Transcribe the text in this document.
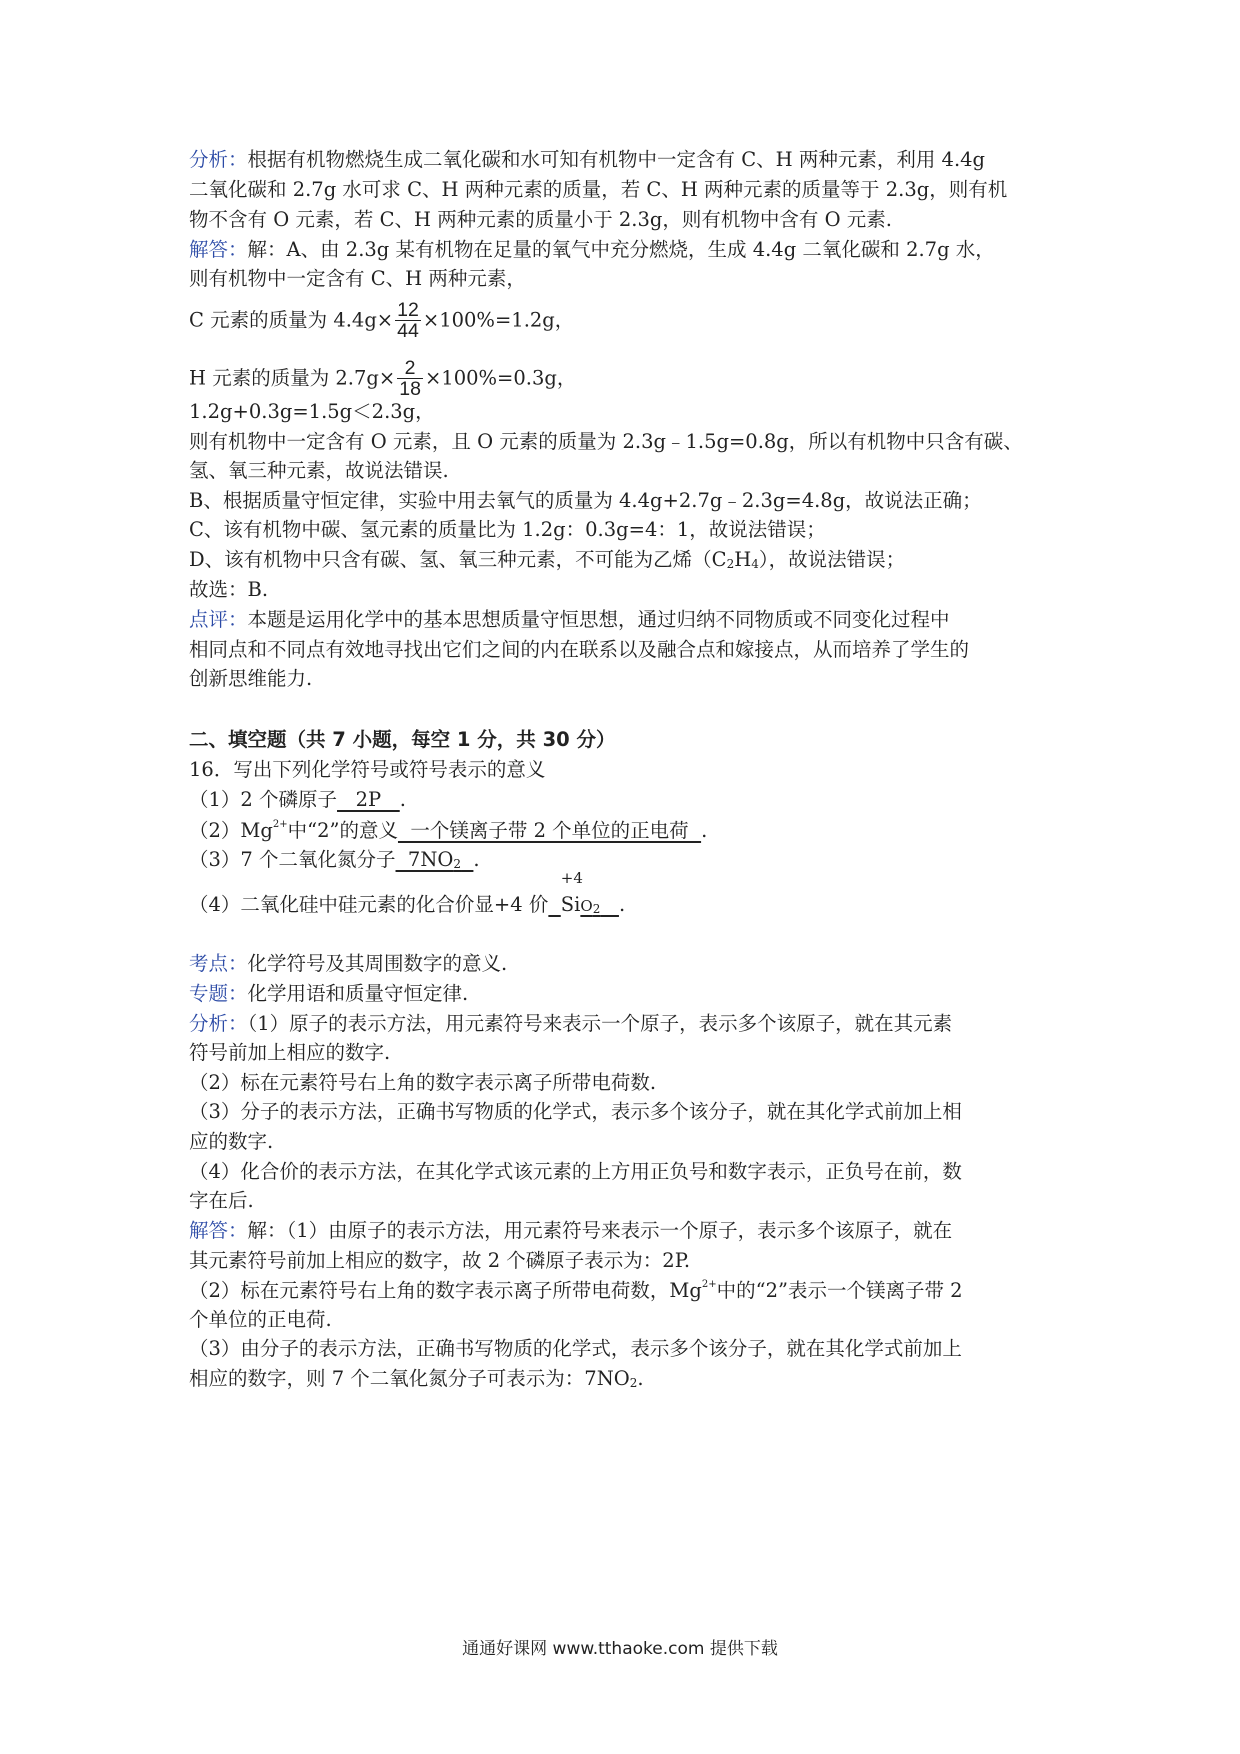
分析：根据有机物燃烧生成二氧化碳和水可知有机物中一定含有 C、H 两种元素，利用 4.4g
二氧化碳和 2.7g 水可求 C、H 两种元素的质量，若 C、H 两种元素的质量等于 2.3g，则有机
物不含有 O 元素，若 C、H 两种元素的质量小于 2.3g，则有机物中含有 O 元素.
解答：解：A、由 2.3g 某有机物在足量的氧气中充分燃烧，生成 4.4g 二氧化碳和 2.7g 水，
则有机物中一定含有 C、H 两种元素，
C 元素的质量为 $4.4g\times \frac{12}{44} \times 100\%=1.2g$，
H 元素的质量为 $2.7g\times \frac{2}{18} \times 100\%=0.3g$，
1.2g+0.3g=1.5g＜2.3g，
则有机物中一定含有 O 元素，且 O 元素的质量为 2.3g﹣1.5g=0.8g，所以有机物中只含有碳、
氢、氧三种元素，故说法错误.
B、根据质量守恒定律，实验中用去氧气的质量为 4.4g+2.7g﹣2.3g=4.8g，故说法正确；
C、该有机物中碳、氢元素的质量比为 1.2g：0.3g=4：1，故说法错误；
D、该有机物中只含有碳、氢、氧三种元素，不可能为乙烯（C2H4），故说法错误；
故选：B.
点评：本题是运用化学中的基本思想质量守恒思想，通过归纳不同物质或不同变化过程中
相同点和不同点有效地寻找出它们之间的内在联系以及融合点和嫁接点，从而培养了学生的
创新思维能力.
二、填空题（共 7 小题，每空 1 分，共 30 分）
16．写出下列化学符号或符号表示的意义
（1）2 个磷原子   2P   .
$(2)Mg^{2+}$中“2”的意义  一个镁离子带 2 个单位的正电荷  .
（3）7 个二氧化氮分子  7NO2 .
（4）二氧化硅中硅元素的化合价显+4 价
+4
SiO2 .
考点：化学符号及其周围数字的意义.
专题：化学用语和质量守恒定律.
分析：（1）原子的表示方法，用元素符号来表示一个原子，表示多个该原子，就在其元素
符号前加上相应的数字.
（2）标在元素符号右上角的数字表示离子所带电荷数.
（3）分子的表示方法，正确书写物质的化学式，表示多个该分子，就在其化学式前加上相
应的数字.
（4）化合价的表示方法，在其化学式该元素的上方用正负号和数字表示，正负号在前，数
字在后.
解答：解：（1）由原子的表示方法，用元素符号来表示一个原子，表示多个该原子，就在
其元素符号前加上相应的数字，故 2 个磷原子表示为：2P.
（2）标在元素符号右上角的数字表示离子所带电荷数，$Mg^{2+}$中的“2”表示一个镁离子带 2
个单位的正电荷.
（3）由分子的表示方法，正确书写物质的化学式，表示多个该分子，就在其化学式前加上
相应的数字，则 7 个二氧化氮分子可表示为：7NO2.
通通好课网 www.tthaoke.com 提供下载
